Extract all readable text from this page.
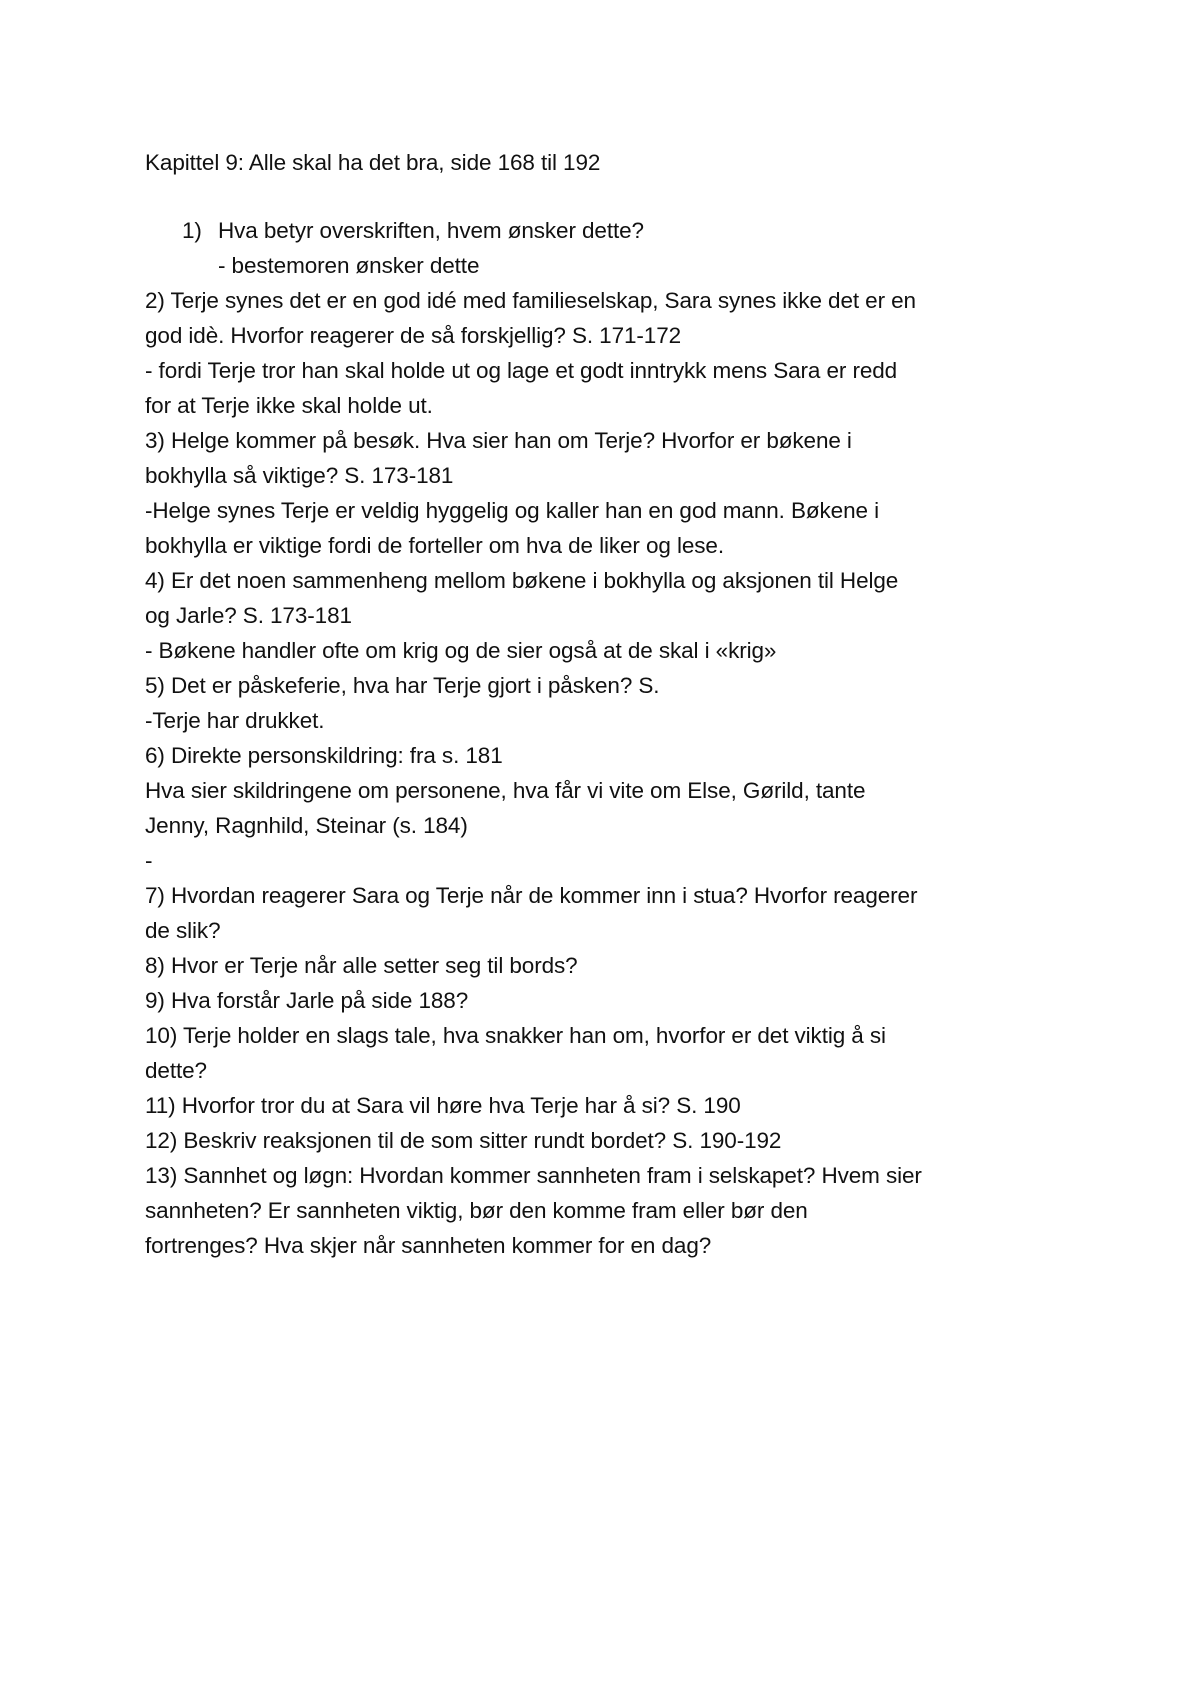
Kapittel 9: Alle skal ha det bra, side 168 til 192

1) Hva betyr overskriften, hvem ønsker dette?

- bestemoren ønsker dette

2) Terje synes det er en god idé med familieselskap, Sara synes ikke det er en

god idè. Hvorfor reagerer de så forskjellig? S. 171-172

- fordi Terje tror han skal holde ut og lage et godt inntrykk mens Sara er redd

for at Terje ikke skal holde ut.

3) Helge kommer på besøk. Hva sier han om Terje? Hvorfor er bøkene i

bokhylla så viktige? S. 173-181

-Helge synes Terje er veldig hyggelig og kaller han en god mann. Bøkene i

bokhylla er viktige fordi de forteller om hva de liker og lese.

4) Er det noen sammenheng mellom bøkene i bokhylla og aksjonen til Helge

og Jarle? S. 173-181

- Bøkene handler ofte om krig og de sier også at de skal i «krig»

5) Det er påskeferie, hva har Terje gjort i påsken? S.

-Terje har drukket.

6) Direkte personskildring: fra s. 181

Hva sier skildringene om personene, hva får vi vite om Else, Gørild, tante

Jenny, Ragnhild, Steinar (s. 184)

-

7) Hvordan reagerer Sara og Terje når de kommer inn i stua? Hvorfor reagerer

de slik?

8) Hvor er Terje når alle setter seg til bords?

9) Hva forstår Jarle på side 188?

10) Terje holder en slags tale, hva snakker han om, hvorfor er det viktig å si

dette?

11) Hvorfor tror du at Sara vil høre hva Terje har å si? S. 190

12) Beskriv reaksjonen til de som sitter rundt bordet? S. 190-192

13) Sannhet og løgn: Hvordan kommer sannheten fram i selskapet? Hvem sier

sannheten? Er sannheten viktig, bør den komme fram eller bør den

fortrenges? Hva skjer når sannheten kommer for en dag?
